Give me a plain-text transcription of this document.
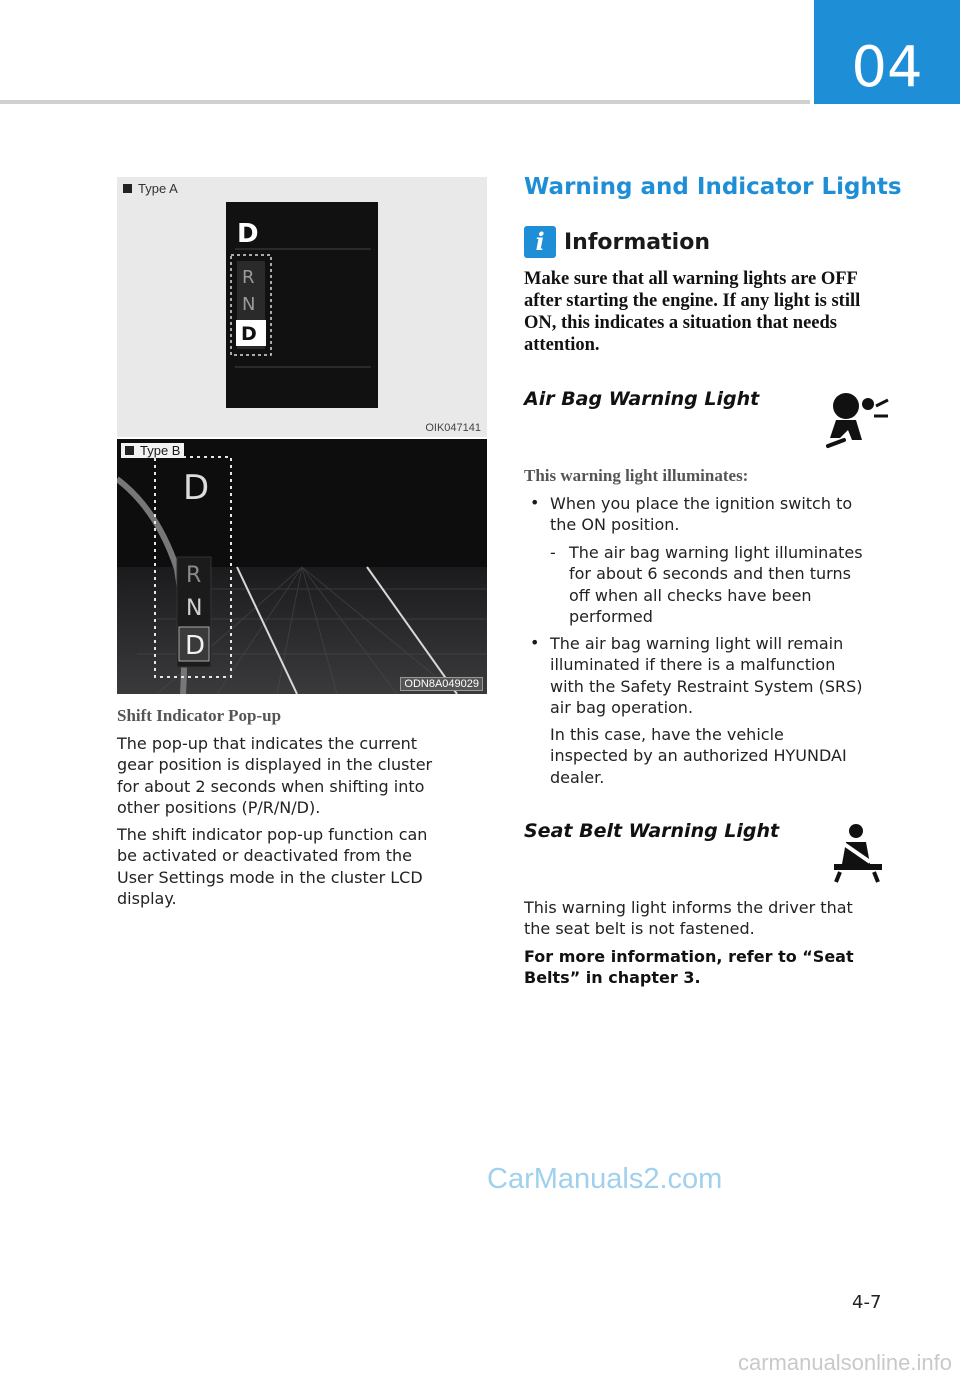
04
Type A
D
R
N
D
OIK047141
D
R
N
D
Type B
ODN8A049029
Shift Indicator Pop-up
The pop-up that indicates the current
gear position is displayed in the cluster
for about 2 seconds when shifting into
other positions (P/R/N/D).
The shift indicator pop-up function can
be activated or deactivated from the
User Settings mode in the cluster LCD
display.
Warning and Indicator Lights
i Information
Make sure that all warning lights are OFF
after starting the engine. If any light is still
ON, this indicates a situation that needs
attention.
Air Bag Warning Light
This warning light illuminates:
• When you place the ignition switch to
the ON position.
- The air bag warning light illuminates
for about 6 seconds and then turns
off when all checks have been
performed
• The air bag warning light will remain
illuminated if there is a malfunction
with the Safety Restraint System (SRS)
air bag operation.
In this case, have the vehicle
inspected by an authorized HYUNDAI
dealer.
Seat Belt Warning Light
This warning light informs the driver that
the seat belt is not fastened.
For more information, refer to “Seat
Belts” in chapter 3.
CarManuals2.com
4-7
carmanualsonline.info
